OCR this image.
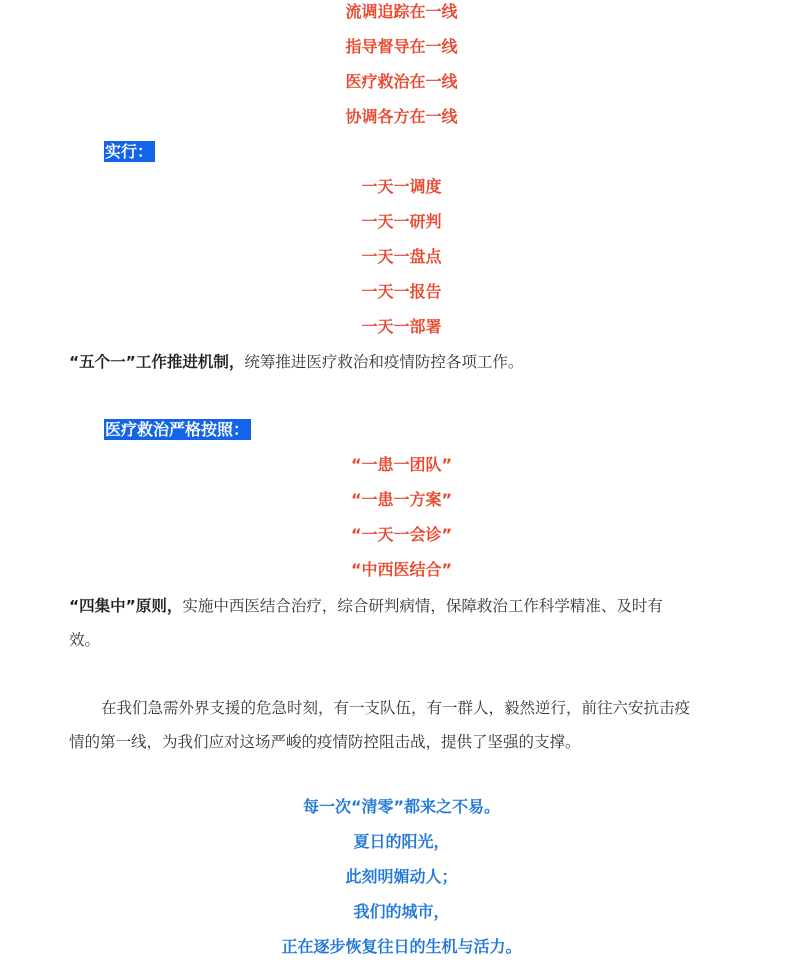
流调追踪在一线
指导督导在一线
医疗救治在一线
协调各方在一线
实行：
一天一调度
一天一研判
一天一盘点
一天一报告
一天一部署
“五个一”工作推进机制，统筹推进医疗救治和疫情防控各项工作。
医疗救治严格按照：
“一患一团队”
“一患一方案”
“一天一会诊”
“中西医结合”
“四集中”原则，实施中西医结合治疗，综合研判病情，保障救治工作科学精准、及时有
效。
在我们急需外界支援的危急时刻，有一支队伍，有一群人，毅然逆行，前往六安抗击疫
情的第一线，为我们应对这场严峻的疫情防控阻击战，提供了坚强的支撑。
每一次“清零”都来之不易。
夏日的阳光，
此刻明媚动人；
我们的城市，
正在逐步恢复往日的生机与活力。
